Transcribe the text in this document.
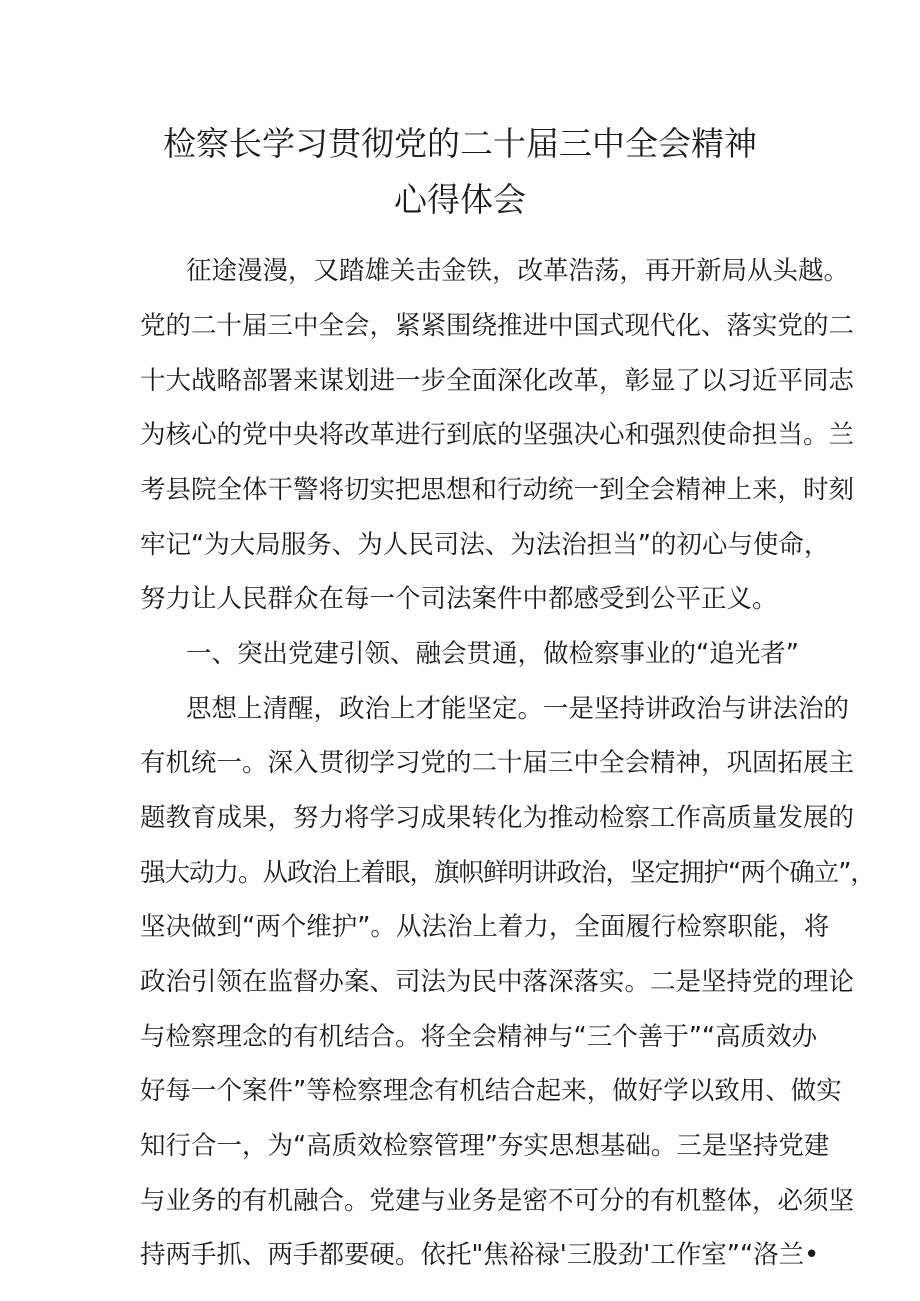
检察长学习贯彻党的二十届三中全会精神
心得体会
征途漫漫，又踏雄关击金铁，改革浩荡，再开新局从头越。
党的二十届三中全会，紧紧围绕推进中国式现代化、落实党的二
十大战略部署来谋划进一步全面深化改革，彰显了以习近平同志
为核心的党中央将改革进行到底的坚强决心和强烈使命担当。兰
考县院全体干警将切实把思想和行动统一到全会精神上来，时刻
牢记“为大局服务、为人民司法、为法治担当”的初心与使命，
努力让人民群众在每一个司法案件中都感受到公平正义。
一、突出党建引领、融会贯通，做检察事业的“追光者”
思想上清醒，政治上才能坚定。一是坚持讲政治与讲法治的
有机统一。深入贯彻学习党的二十届三中全会精神，巩固拓展主
题教育成果，努力将学习成果转化为推动检察工作高质量发展的
强大动力。从政治上着眼，旗帜鲜明讲政治，坚定拥护“两个确立”，
坚决做到“两个维护”。从法治上着力，全面履行检察职能，将
政治引领在监督办案、司法为民中落深落实。二是坚持党的理论
与检察理念的有机结合。将全会精神与“三个善于”“高质效办
好每一个案件”等检察理念有机结合起来，做好学以致用、做实
知行合一，为“高质效检察管理”夯实思想基础。三是坚持党建
与业务的有机融合。党建与业务是密不可分的有机整体，必须坚
持两手抓、两手都要硬。依托"焦裕禄'三股劲'工作室”“洛兰•
